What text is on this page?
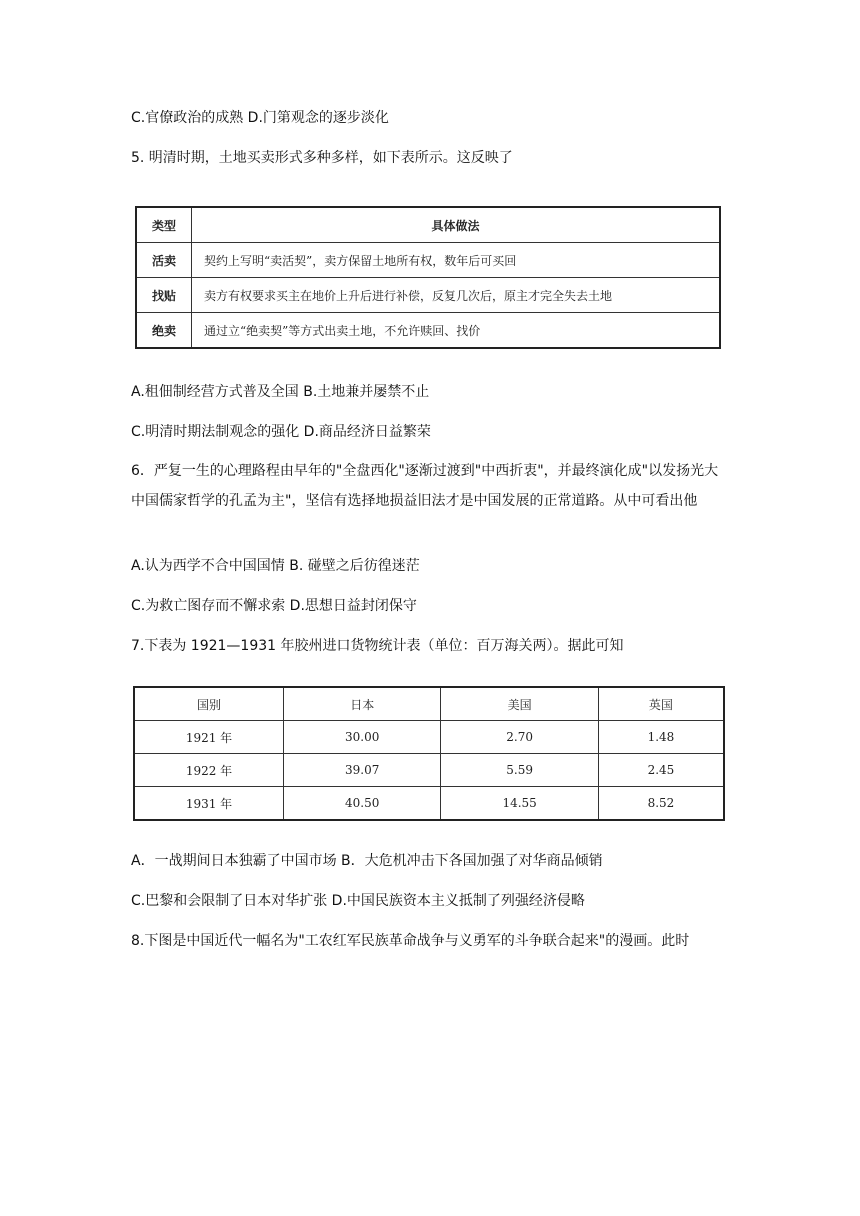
C.官僚政治的成熟 D.门第观念的逐步淡化
5. 明清时期，土地买卖形式多种多样，如下表所示。这反映了
类型	具体做法
活卖	契约上写明“卖活契”，卖方保留土地所有权，数年后可买回
找贴	卖方有权要求买主在地价上升后进行补偿，反复几次后，原主才完全失去土地
绝卖	通过立“绝卖契”等方式出卖土地，不允许赎回、找价
A.租佃制经营方式普及全国 B.土地兼并屡禁不止
C.明清时期法制观念的强化 D.商品经济日益繁荣
6．严复一生的心理路程由早年的"全盘西化"逐渐过渡到"中西折衷"，并最终演化成"以发扬光大中国儒家哲学的孔孟为主"，坚信有选择地损益旧法才是中国发展的正常道路。从中可看出他
A.认为西学不合中国国情 B. 碰壁之后彷徨迷茫
C.为救亡图存而不懈求索 D.思想日益封闭保守
7.下表为 1921—1931 年胶州进口货物统计表（单位：百万海关两）。据此可知
国别	日本	美国	英国
1921 年	30.00	2.70	1.48
1922 年	39.07	5.59	2.45
1931 年	40.50	14.55	8.52
A．一战期间日本独霸了中国市场 B．大危机冲击下各国加强了对华商品倾销
C.巴黎和会限制了日本对华扩张 D.中国民族资本主义抵制了列强经济侵略
8.下图是中国近代一幅名为"工农红军民族革命战争与义勇军的斗争联合起来"的漫画。此时
